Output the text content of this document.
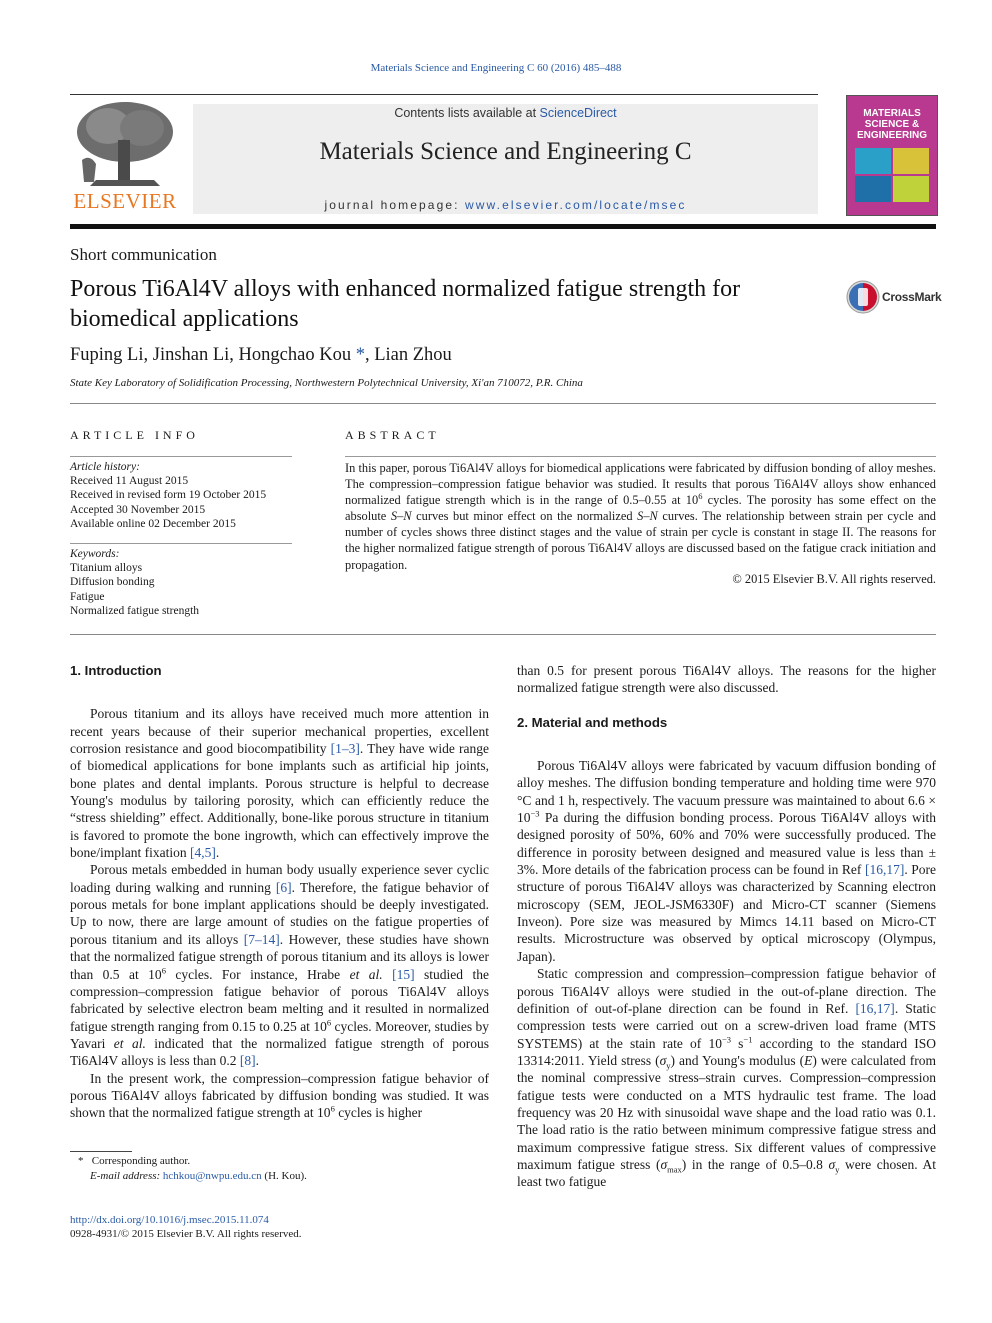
Materials Science and Engineering C 60 (2016) 485–488
ELSEVIER
Contents lists available at ScienceDirect
Materials Science and Engineering C
journal homepage: www.elsevier.com/locate/msec
MATERIALS SCIENCE & ENGINEERING
Short communication
Porous Ti6Al4V alloys with enhanced normalized fatigue strength for biomedical applications
CrossMark
Fuping Li, Jinshan Li, Hongchao Kou *, Lian Zhou
State Key Laboratory of Solidification Processing, Northwestern Polytechnical University, Xi'an 710072, P.R. China
ARTICLE INFO
Article history:
Received 11 August 2015
Received in revised form 19 October 2015
Accepted 30 November 2015
Available online 02 December 2015
Keywords:
Titanium alloys
Diffusion bonding
Fatigue
Normalized fatigue strength
ABSTRACT
In this paper, porous Ti6Al4V alloys for biomedical applications were fabricated by diffusion bonding of alloy meshes. The compression–compression fatigue behavior was studied. It results that porous Ti6Al4V alloys show enhanced normalized fatigue strength which is in the range of 0.5–0.55 at $10^6$ cycles. The porosity has some effect on the absolute S–N curves but minor effect on the normalized S–N curves. The relationship between strain per cycle and number of cycles shows three distinct stages and the value of strain per cycle is constant in stage II. The reasons for the higher normalized fatigue strength of porous Ti6Al4V alloys are discussed based on the fatigue crack initiation and propagation.
© 2015 Elsevier B.V. All rights reserved.

1. Introduction

Porous titanium and its alloys have received much more attention in recent years because of their superior mechanical properties, excellent corrosion resistance and good biocompatibility [1–3]. They have wide range of biomedical applications for bone implants such as artificial hip joints, bone plates and dental implants. Porous structure is helpful to decrease Young's modulus by tailoring porosity, which can efficiently reduce the “stress shielding” effect. Additionally, bone-like porous structure in titanium is favored to promote the bone ingrowth, which can effectively improve the bone/implant fixation [4,5].

Porous metals embedded in human body usually experience sever cyclic loading during walking and running [6]. Therefore, the fatigue behavior of porous metals for bone implant applications should be deeply investigated. Up to now, there are large amount of studies on the fatigue properties of porous titanium and its alloys [7–14]. However, these studies have shown that the normalized fatigue strength of porous titanium and its alloys is lower than 0.5 at $10^6$ cycles. For instance, Hrabe et al. [15] studied the compression–compression fatigue behavior of porous Ti6Al4V alloys fabricated by selective electron beam melting and it resulted in normalized fatigue strength ranging from 0.15 to 0.25 at $10^6$ cycles. Moreover, studies by Yavari et al. indicated that the normalized fatigue strength of porous Ti6Al4V alloys is less than 0.2 [8].

In the present work, the compression–compression fatigue behavior of porous Ti6Al4V alloys fabricated by diffusion bonding was studied. It was shown that the normalized fatigue strength at $10^6$ cycles is higher

than 0.5 for present porous Ti6Al4V alloys. The reasons for the higher normalized fatigue strength were also discussed.

2. Material and methods

Porous Ti6Al4V alloys were fabricated by vacuum diffusion bonding of alloy meshes. The diffusion bonding temperature and holding time were 970 °C and 1 h, respectively. The vacuum pressure was maintained to about $6.6 \times 10^{-3}$ Pa during the diffusion bonding process. Porous Ti6Al4V alloys with designed porosity of 50%, 60% and 70% were successfully produced. The difference in porosity between designed and measured value is less than ± 3%. More details of the fabrication process can be found in Ref [16,17]. Pore structure of porous Ti6Al4V alloys was characterized by Scanning electron microscopy (SEM, JEOL-JSM6330F) and Micro-CT scanner (Siemens Inveon). Pore size was measured by Mimcs 14.11 based on Micro-CT results. Microstructure was observed by optical microscopy (Olympus, Japan).

Static compression and compression–compression fatigue behavior of porous Ti6Al4V alloys were studied in the out-of-plane direction. The definition of out-of-plane direction can be found in Ref. [16,17]. Static compression tests were carried out on a screw-driven load frame (MTS SYSTEMS) at the stain rate of $10^{-3}$ $s^{-1}$ according to the standard ISO 13314:2011. Yield stress $(\sigma_y)$ and Young's modulus (E) were calculated from the nominal compressive stress–strain curves. Compression–compression fatigue tests were conducted on a MTS hydraulic test frame. The load frequency was 20 Hz with sinusoidal wave shape and the load ratio was 0.1. The load ratio is the ratio between minimum compressive fatigue stress and maximum compressive fatigue stress. Six different values of compressive maximum fatigue stress $(\sigma_{max})$ in the range of 0.5–0.8 $\sigma_y$ were chosen. At least two fatigue

* Corresponding author.
E-mail address: hchkou@nwpu.edu.cn (H. Kou).
http://dx.doi.org/10.1016/j.msec.2015.11.074
0928-4931/© 2015 Elsevier B.V. All rights reserved.
